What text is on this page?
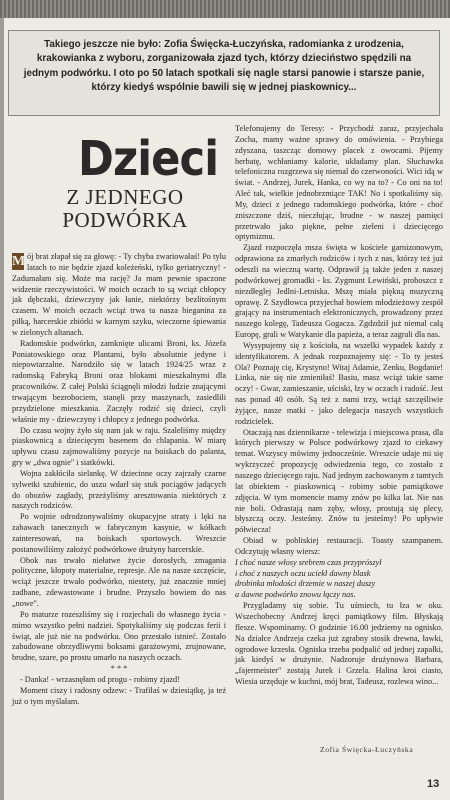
Takiego jeszcze nie było: Zofia Święcka-Łuczyńska, radomianka z urodzenia, krakowianka z wyboru, zorganizowała zjazd tych, którzy dzieciństwo spędzili na jednym podwórku. I oto po 50 latach spotkali się nagle starsi panowie i starsze panie, którzy kiedyś wspólnie bawili się w jednej piaskownicy...

Dzieci
Z JEDNEGO
PODWÓRKA

M ój brat złapał się za głowę: - Ty chyba zwariowałaś! Po tylu latach to nie będzie zjazd koleżeński, tylko geriatryczny! - Zadumałam się. Może ma rację? Ja mam pewnie spaczone widzenie rzeczywistości. W moich oczach to są wciąż chłopcy jak dębczaki, dziewczyny jak łanie, niektórzy bezlitośnym czasem. W moich oczach wciąż trwa ta nasza bieganina za piłką, harcerskie zbiórki w karnym szyku, wieczorne śpiewania w zielonych altanach.

Radomskie podwórko, zamknięte ulicami Broni, ks. Józefa Poniatowskiego oraz Plantami, było absolutnie jedyne i niepowtarzalne. Narodziło się w latach 1924/25 wraz z radomską Fabryką Broni oraz blokami mieszkalnymi dla pracowników. Z całej Polski ściągnęli młodzi ludzie znającymi trwającym bezrobociem, stanęli przy maszynach, zasiedlili przydzielone mieszkania. Zaczęły rodzić się dzieci, czyli właśnie my - dziewczyny i chłopcy z jednego podwórka.

Do czasu wojny żyło się nam jak w raju. Szaleliśmy między piaskownicą a dziecięcym basenem do chlapania. W miarę upływu czasu zajmowaliśmy pozycje na boiskach do palanta, gry w „dwa ognie" i siatkówki.

Wojna zakłóciła sielankę. W dziecinne oczy zajrzały czarne sylwetki szubienic, do uszu wdarł się stuk pociągów jadących do obozów zagłady, przeżyliśmy aresztowania niektórych z naszych rodziców.

Po wojnie odrodzonywaliśmy okupacyjne straty i lęki na zabawach tanecznych w fabrycznym kasynie, w kółkach zainteresowań, na boiskach sportowych. Wreszcie postanowiliśmy założyć podwórkowe drużyny harcerskie.

Obok nas trwało niełatwe życie dorosłych, zmagania polityczne, kłopoty materialne, represje. Ale na nasze szczęście, wciąż jeszcze trwało podwórko, niestety, już znacznie mniej zadbane, zdewastowane i brudne. Przyszło bowiem do nas „nowe".

Po maturze rozeszliśmy się i rozjechali do własnego życia - mimo wszystko pełni nadziei. Spotykaliśmy się podczas ferii i świąt, ale już nie na podwórku. Ono przestało istnieć. Zostało zabudowane obrzydliwymi boksami garażowymi, zrujnowane, brudne, szare, po prostu umarło na naszych oczach.

* * *

- Danka! - wrzasnęłam od progu - robimy zjazd!

Moment ciszy i radosny odzew: - Trafiłaś w dziesiątkę, ja też już o tym myślałam.

Telefonujemy do Teresy: - Przychodź zaraz, przyjechała Zocha, mamy ważne sprawy do omówienia. - Przybiega zdyszana, taszcząc domowy placek z owocami. Pijemy herbatę, wchłaniamy kalorie, układamy plan. Słuchawka telefoniczna rozgrzewa się niemal do czerwoności. Wici idą w świat. - Andrzej, Jurek, Hanka, co wy na to? - Co oni na to! Aleć tak, wielkie jednobrzmiące TAK! No i spotkaliśmy się. My, dzieci z jednego radomskiego podwórka, które - choć zniszczone dziś, nieczłując, brudne - w naszej pamięci przetrwało jako piękne, pełne zieleni i dziecięcego optymizmu.

Zjazd rozpoczęła msza święta w kościele garnizonowym, odprawiona za zmarłych rodziców i tych z nas, którzy też już odeszli na wieczną wartę. Odprawił ją także jeden z naszej podwórkowej gromadki - ks. Zygmunt Lewiński, proboszcz z niezdłeglej Jedlni-Letniska. Mszę miała piękną muzyczną oprawę. Z Szydłowca przyjechał bowiem młodzieżowy zespół grający na instrumentach elektronicznych, prowadzony przez naszego kolegę, Tadeusza Gogacza. Zgdzdził już niemal całą Europę, grali w Watykanie dla papieża, a teraz zagrali dla nas.

Wysypujemy się z kościoła, na wszelki wypadek każdy z identyfikatorem. A jednak rozpoznajemy się: - To ty jesteś Ola? Poznaję cię, Krystyno! Witaj Adamie, Zenku, Bogdanie! Linka, nie się nie zmieniłaś! Basiu, masz wciąż takie same oczy! - Gwar, zamieszanie, uściski, łzy w oczach i radość. Jest nas ponad 40 osób. Są też z nami trzy, wciąż szczęśliwie żyjące, nasze matki - jako delegacja naszych wszystkich rodzicielek.

Otaczają nas dziennikarze - telewizja i miejscowa prasa, dla których pierwszy w Polsce podwórkowy zjazd to ciekawy temat. Wszyscy mówimy jednocześnie. Wreszcie udaje mi się wykrzyczeć propozycję odwiedzenia tego, co zostało z naszego dziecięcego raju. Nad jednym zachowanym z tamtych lat obiektem - piaskownicą - robimy sobie pamiątkowe zdjęcia. W tym momencie mamy znów po kilka lat. Nie nas nie boli. Odrastają nam zęby, włosy, prostują się plecy, błyszczą oczy. Jesteśmy. Znów tu jesteśmy! Po upływie półwiecza!

Obiad w pobliskiej restauracji. Toasty szampanem. Odczytuję własny wiersz:

I choć nasze włosy srebrem czas przyprószył

i choć z naszych oczu uciekł dawny blask

drobinka młodości drzemie w naszej duszy

a dawne podwórko znowu łączy nas.

Przygladamy się sobie. Tu uśmiech, tu łza w oku. Wszechobecny Andrzej kręci pamiątkowy film. Błyskają flesze. Wspominamy. O godzinie 16.00 jedziemy na ognisko. Na działce Andrzeja czeka już zgrabny stosik drewna, ławki, ogrodowe krzesła. Ogniska trzeba podpalić od jednej zapałki, jak kiedyś w drużynie. Nadzoruje drużynowa Barbara, „fajermeister" zostają Jurek i Grzela. Halina kroi ciasto, Wiesia urzęduje w kuchni, mój brat, Tadeusz, rozlewa wino...

Zofia Święcka-Łuczyńska
13
